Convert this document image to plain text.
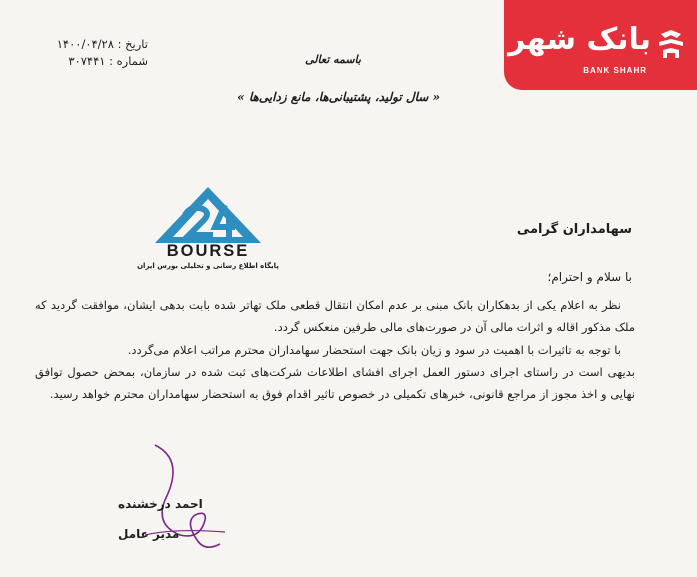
بانک شهر
BANK SHAHR
تاریخ : ۱۴۰۰/۰۴/۲۸
شماره : ۳۰۷۴۴۱	باسمه تعالی
« سال تولید، پشتیبانی‌ها، مانع زدایی‌ها »
BOURSE
پایگاه اطلاع رسانی و تحلیلی بورس ایران
سهامداران گرامی
با سلام و احترام؛

نظر به اعلام یکی از بدهکاران بانک مبنی بر عدم امکان انتقال قطعی ملک تهاتر شده بابت بدهی ایشان، موافقت گردید که ملک مذکور اقاله و اثرات مالی آن در صورت‌های مالی طرفین منعکس گردد.

با توجه به تاثیرات با اهمیت در سود و زیان بانک جهت استحضار سهامداران محترم مراتب اعلام می‌گردد.

بدیهی است در راستای اجرای دستور العمل اجرای افشای اطلاعات شرکت‌های ثبت شده در سازمان، بمحض حصول توافق نهایی و اخذ مجوز از مراجع قانونی، خبرهای تکمیلی در خصوص تاثیر اقدام فوق به استحضار سهامداران محترم خواهد رسید.

احمد درخشنده
مدیر عامل
